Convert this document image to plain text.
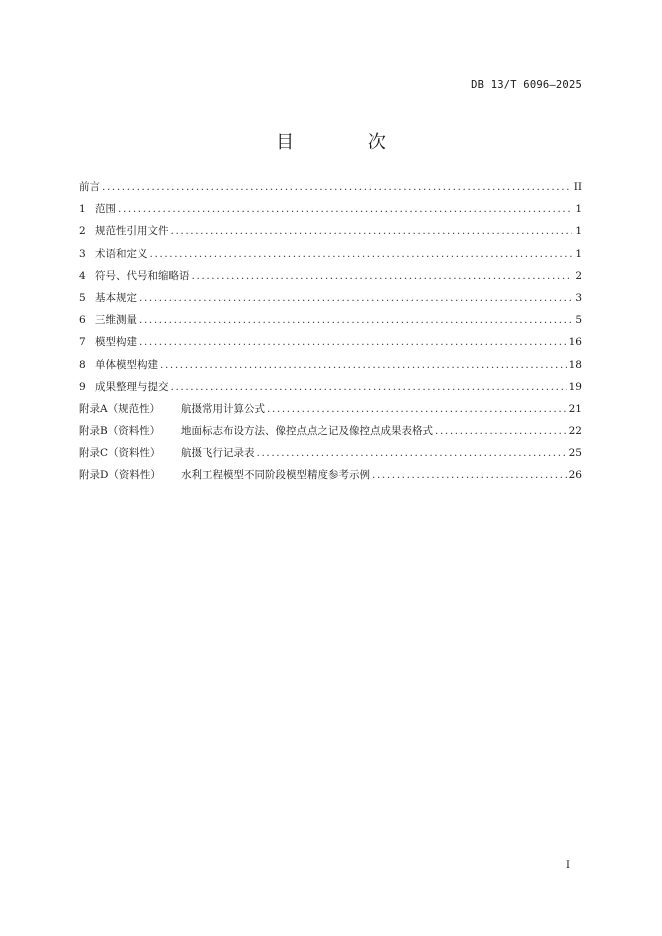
DB 13/T 6096—2025
目 次
前言 .....	II
1 范围 .....	1
2 规范性引用文件 .....	1
3 术语和定义 .....	1
4 符号、代号和缩略语 .....	2
5 基本规定 .....	3
6 三维测量 .....	5
7 模型构建 .....	16
8 单体模型构建 .....	18
9 成果整理与提交 .....	19
附录A（规范性）	航摄常用计算公式 .....	21
附录B（资料性）	地面标志布设方法、像控点点之记及像控点成果表格式 .....	22
附录C（资料性）	航摄飞行记录表 .....	25
附录D（资料性）	水利工程模型不同阶段模型精度参考示例 .....	26
I
